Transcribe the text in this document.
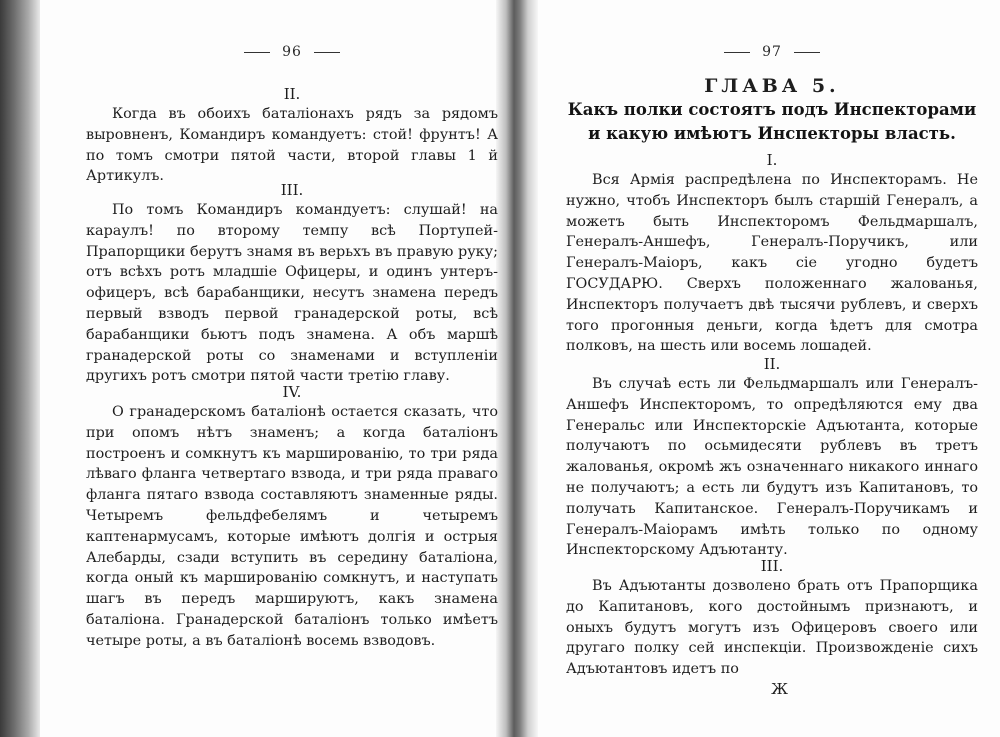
96
II.
Когда въ обоихъ баталіонахъ рядъ за рядомъ выровненъ, Командиръ командуетъ: стой! фрунтъ! А по томъ смотри пятой части, второй главы 1 й Артикулъ.
III.
По томъ Командиръ командуетъ: слушай! на караулъ! по второму темпу всѣ Портупей-Прапорщики берутъ знамя въ верьхъ въ правую руку; отъ всѣхъ ротъ младшіе Офицеры, и одинъ унтеръ-офицеръ, всѣ барабанщики, несутъ знамена передъ первый взводъ первой гранадерской роты, всѣ барабанщики бьютъ подъ знамена. А объ маршѣ гранадерской роты со знаменами и вступленіи другихъ ротъ смотри пятой части третію главу.
IV.
О гранадерскомъ баталіонѣ остается сказать, что при опомъ нѣтъ знаменъ; а когда баталіонъ построенъ и сомкнутъ къ маршированію, то три ряда лѣваго фланга четвертаго взвода, и три ряда праваго фланга пятаго взвода составляютъ знаменные ряды. Четыремъ фельдфебелямъ и четыремъ каптенармусамъ, которые имѣютъ долгія и острыя Алебарды, сзади вступить въ середину баталіона, когда оный къ маршированію сомкнутъ, и наступать шагъ въ передъ маршируютъ, какъ знамена баталіона. Гранадерской баталіонъ только имѣетъ четыре роты, а въ баталіонѣ восемь взводовъ.
97
ГЛАВА 5.
Какъ полки состоятъ подъ Инспекторами и какую имѣютъ Инспекторы власть.
I.
Вся Армія распредѣлена по Инспекторамъ. Не нужно, чтобъ Инспекторъ былъ старшій Генералъ, а можетъ быть Инспекторомъ Фельдмаршалъ, Генералъ-Аншефъ, Генералъ-Поручикъ, или Генералъ-Маіоръ, какъ сіе угодно будетъ ГОСУДАРЮ. Сверхъ положеннаго жалованья, Инспекторъ получаетъ двѣ тысячи рублевъ, и сверхъ того прогонныя деньги, когда ѣдетъ для смотра полковъ, на шесть или восемь лошадей.
II.
Въ случаѣ есть ли Фельдмаршалъ или Генералъ-Аншефъ Инспекторомъ, то опредѣляются ему два Генеральс или Инспекторскіе Адъютанта, которые получаютъ по осьмидесяти рублевъ въ третъ жалованья, окромѣ жъ означеннаго никакого иннаго не получаютъ; а есть ли будутъ изъ Капитановъ, то получать Капитанское. Генералъ-Поручикамъ и Генералъ-Маіорамъ имѣть только по одному Инспекторскому Адъютанту.
III.
Въ Адъютанты дозволено брать отъ Прапорщика до Капитановъ, кого достойнымъ признаютъ, и оныхъ будутъ могутъ изъ Офицеровъ своего или другаго полку сей инспекціи. Произвожденіе сихъ Адъютантовъ идетъ по
Ж
